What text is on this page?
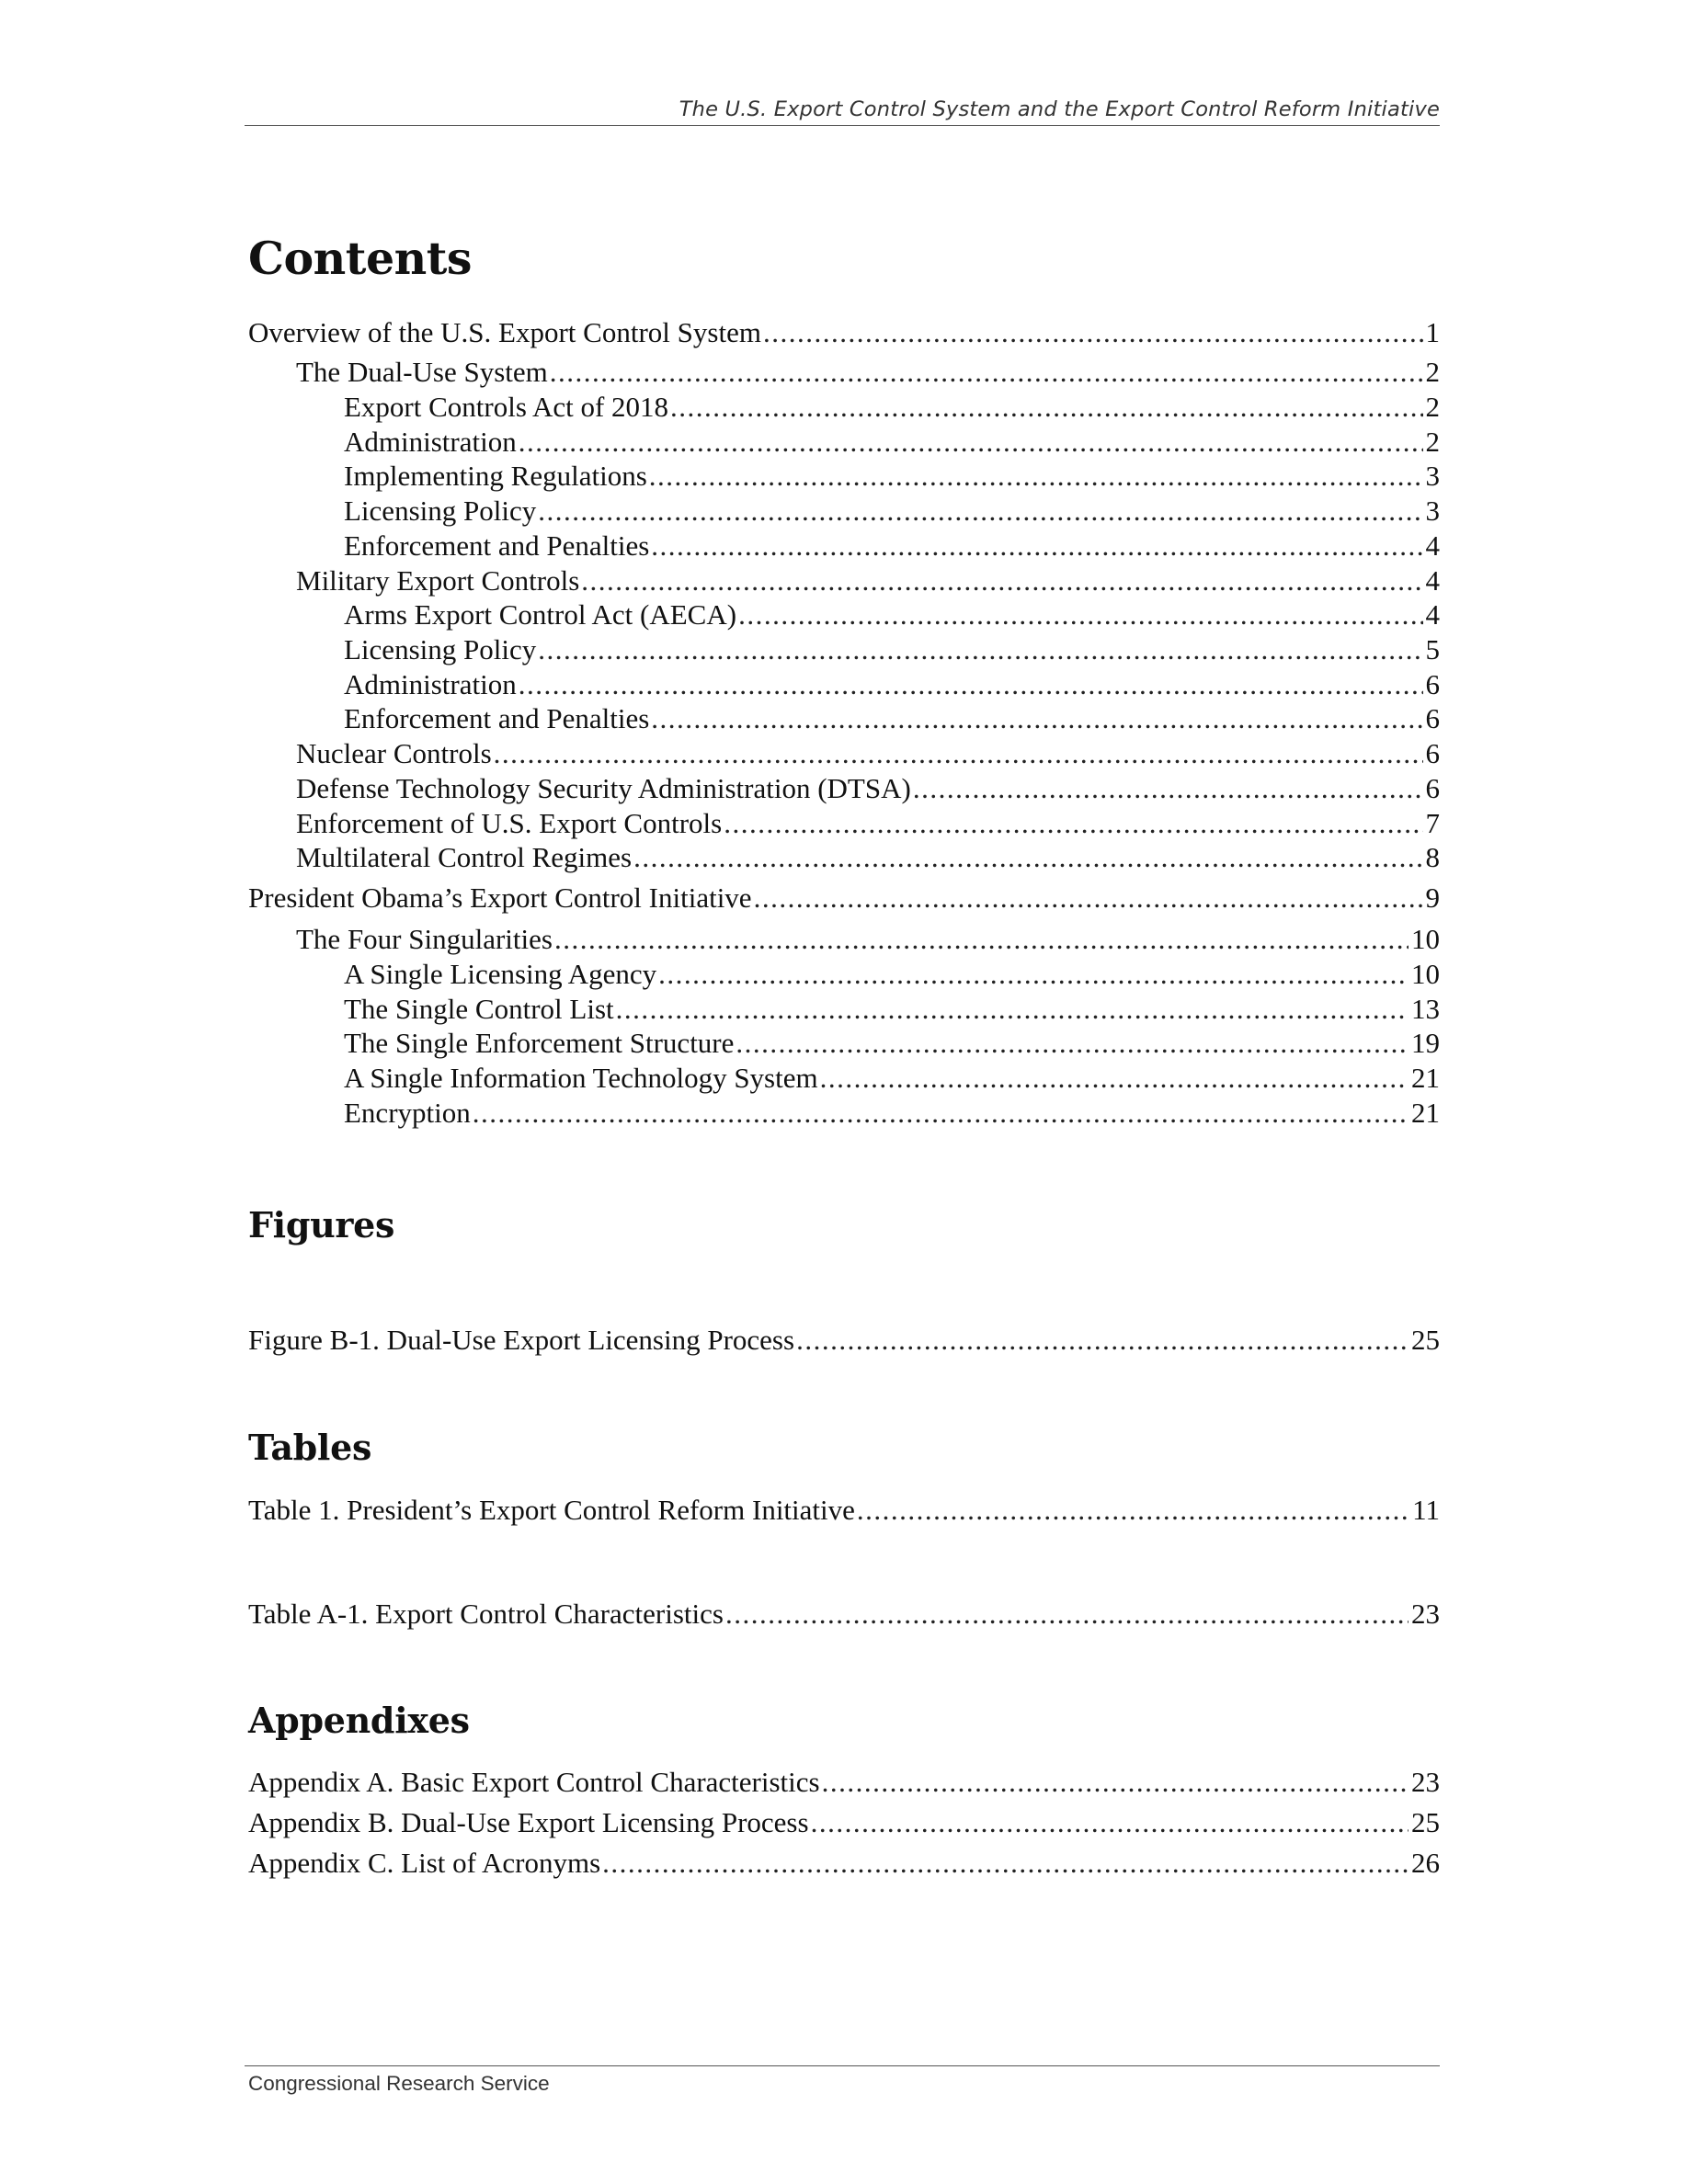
The U.S. Export Control System and the Export Control Reform Initiative
Contents
Overview of the U.S. Export Control System .....	1
The Dual-Use System .....	2
Export Controls Act of 2018 .....	2
Administration .....	2
Implementing Regulations .....	3
Licensing Policy .....	3
Enforcement and Penalties .....	4
Military Export Controls .....	4
Arms Export Control Act (AECA) .....	4
Licensing Policy .....	5
Administration .....	6
Enforcement and Penalties .....	6
Nuclear Controls .....	6
Defense Technology Security Administration (DTSA) .....	6
Enforcement of U.S. Export Controls .....	7
Multilateral Control Regimes .....	8
President Obama’s Export Control Initiative .....	9
The Four Singularities .....	10
A Single Licensing Agency .....	10
The Single Control List .....	13
The Single Enforcement Structure .....	19
A Single Information Technology System .....	21
Encryption .....	21
Figures
Figure B-1. Dual-Use Export Licensing Process .....	25
Tables
Table 1. President’s Export Control Reform Initiative .....	11
Table A-1. Export Control Characteristics .....	23
Appendixes
Appendix A. Basic Export Control Characteristics .....	23
Appendix B. Dual-Use Export Licensing Process .....	25
Appendix C. List of Acronyms .....	26
Congressional Research Service
